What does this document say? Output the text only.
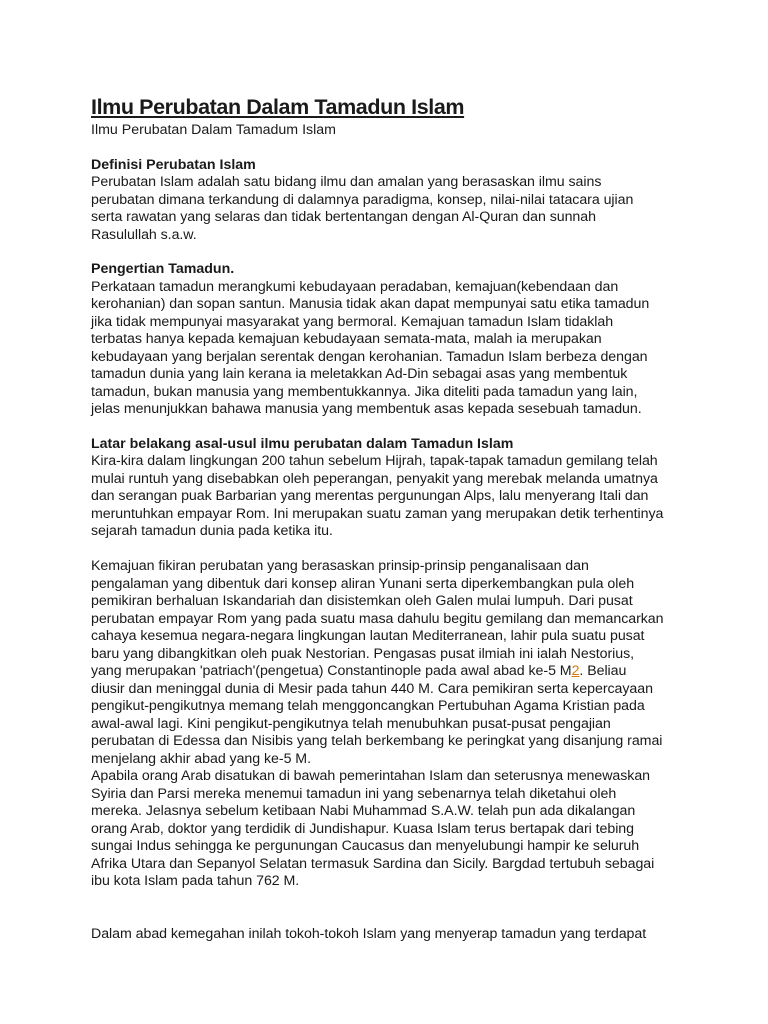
Ilmu Perubatan Dalam Tamadun Islam

Ilmu Perubatan Dalam Tamadum Islam

Definisi Perubatan Islam

Perubatan Islam adalah satu bidang ilmu dan amalan yang berasaskan ilmu sains
perubatan dimana terkandung di dalamnya paradigma, konsep, nilai-nilai tatacara ujian
serta rawatan yang selaras dan tidak bertentangan dengan Al-Quran dan sunnah
Rasulullah s.a.w.

Pengertian Tamadun.

Perkataan tamadun merangkumi kebudayaan peradaban, kemajuan(kebendaan dan
kerohanian) dan sopan santun. Manusia tidak akan dapat mempunyai satu etika tamadun
jika tidak mempunyai masyarakat yang bermoral. Kemajuan tamadun Islam tidaklah
terbatas hanya kepada kemajuan kebudayaan semata-mata, malah ia merupakan
kebudayaan yang berjalan serentak dengan kerohanian. Tamadun Islam berbeza dengan
tamadun dunia yang lain kerana ia meletakkan Ad-Din sebagai asas yang membentuk
tamadun, bukan manusia yang membentukkannya. Jika diteliti pada tamadun yang lain,
jelas menunjukkan bahawa manusia yang membentuk asas kepada sesebuah tamadun.

Latar belakang asal-usul ilmu perubatan dalam Tamadun Islam

Kira-kira dalam lingkungan 200 tahun sebelum Hijrah, tapak-tapak tamadun gemilang telah
mulai runtuh yang disebabkan oleh peperangan, penyakit yang merebak melanda umatnya
dan serangan puak Barbarian yang merentas pergunungan Alps, lalu menyerang Itali dan
meruntuhkan empayar Rom. Ini merupakan suatu zaman yang merupakan detik terhentinya
sejarah tamadun dunia pada ketika itu.
Kemajuan fikiran perubatan yang berasaskan prinsip-prinsip penganalisaan dan
pengalaman yang dibentuk dari konsep aliran Yunani serta diperkembangkan pula oleh
pemikiran berhaluan Iskandariah dan disistemkan oleh Galen mulai lumpuh. Dari pusat
perubatan empayar Rom yang pada suatu masa dahulu begitu gemilang dan memancarkan
cahaya kesemua negara-negara lingkungan lautan Mediterranean, lahir pula suatu pusat
baru yang dibangkitkan oleh puak Nestorian. Pengasas pusat ilmiah ini ialah Nestorius,
yang merupakan 'patriach'(pengetua) Constantinople pada awal abad ke-5 M2. Beliau
diusir dan meninggal dunia di Mesir pada tahun 440 M. Cara pemikiran serta kepercayaan
pengikut-pengikutnya memang telah menggoncangkan Pertubuhan Agama Kristian pada
awal-awal lagi. Kini pengikut-pengikutnya telah menubuhkan pusat-pusat pengajian
perubatan di Edessa dan Nisibis yang telah berkembang ke peringkat yang disanjung ramai
menjelang akhir abad yang ke-5 M.
Apabila orang Arab disatukan di bawah pemerintahan Islam dan seterusnya menewaskan
Syiria dan Parsi mereka menemui tamadun ini yang sebenarnya telah diketahui oleh
mereka. Jelasnya sebelum ketibaan Nabi Muhammad S.A.W. telah pun ada dikalangan
orang Arab, doktor yang terdidik di Jundishapur. Kuasa Islam terus bertapak dari tebing
sungai Indus sehingga ke pergunungan Caucasus dan menyelubungi hampir ke seluruh
Afrika Utara dan Sepanyol Selatan termasuk Sardina dan Sicily. Bargdad tertubuh sebagai
ibu kota Islam pada tahun 762 M.
Dalam abad kemegahan inilah tokoh-tokoh Islam yang menyerap tamadun yang terdapat
